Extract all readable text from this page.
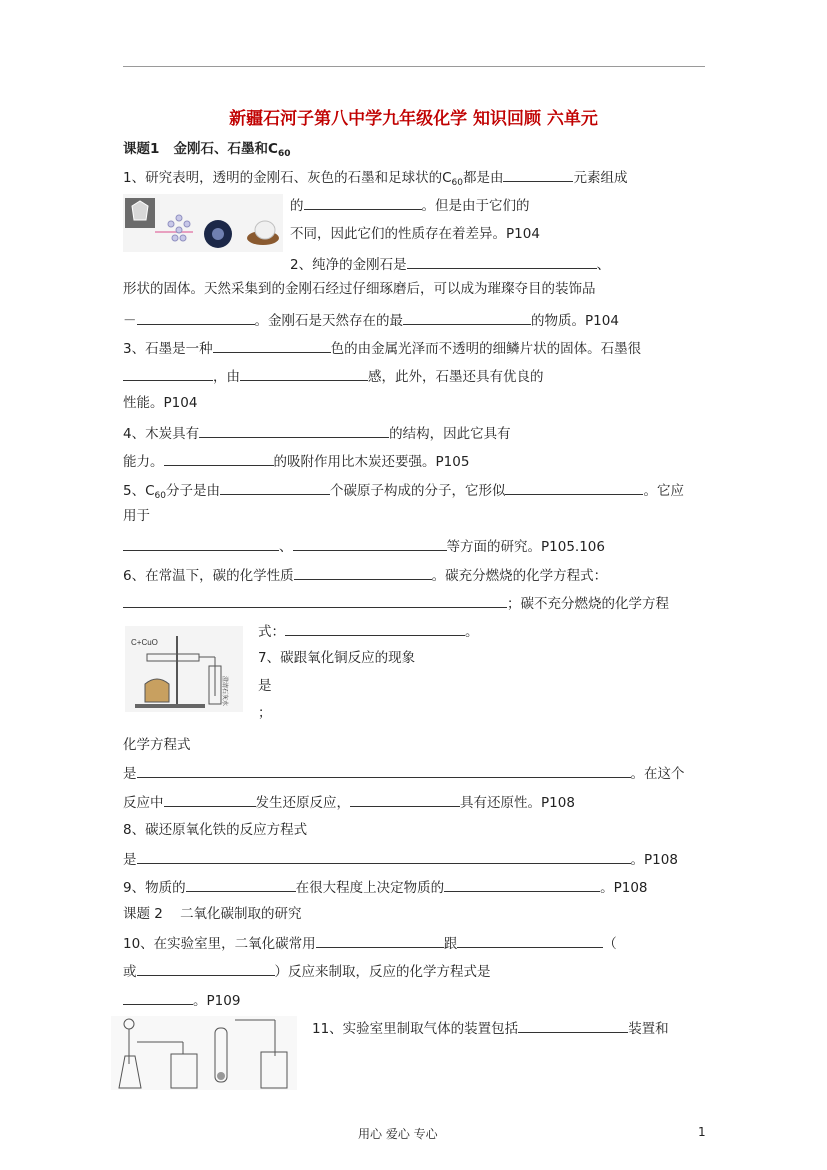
新疆石河子第八中学九年级化学 知识回顾 六单元
课题1 金刚石、石墨和$C_{60}$
1、研究表明，透明的金刚石、灰色的石墨和足球状的$C_{60}$都是由	元素组成
的	。但是由于它们的
不同，因此它们的性质存在着差异。P104
2、纯净的金刚石是	、
形状的固体。天然采集到的金刚石经过仔细琢磨后，可以成为璀璨夺目的装饰品
－	。金刚石是天然存在的最	的物质。P104
3、石墨是一种	色的由金属光泽而不透明的细鳞片状的固体。石墨很
，由	感，此外，石墨还具有优良的
性能。P104
4、木炭具有	的结构，因此它具有
能力。	的吸附作用比木炭还要强。P105
5、$C_{60}$分子是由	个碳原子构成的分子，它形似	。它应
用于
、	等方面的研究。P105.106
6、在常温下，碳的化学性质	。碳充分燃烧的化学方程式：
；碳不充分燃烧的化学方程
C+CuO
澄清石灰水
式：	。
7、碳跟氧化铜反应的现象
是
；
化学方程式
是	。在这个
反应中	发生还原反应，	具有还原性。P108
8、碳还原氧化铁的反应方程式
是	。P108
9、物质的	在很大程度上决定物质的	。P108
课题 2 二氧化碳制取的研究
10、在实验室里，二氧化碳常用	跟	（
或	）反应来制取，反应的化学方程式是
。P109
11、实验室里制取气体的装置包括	装置和
用心 爱心 专心	1
